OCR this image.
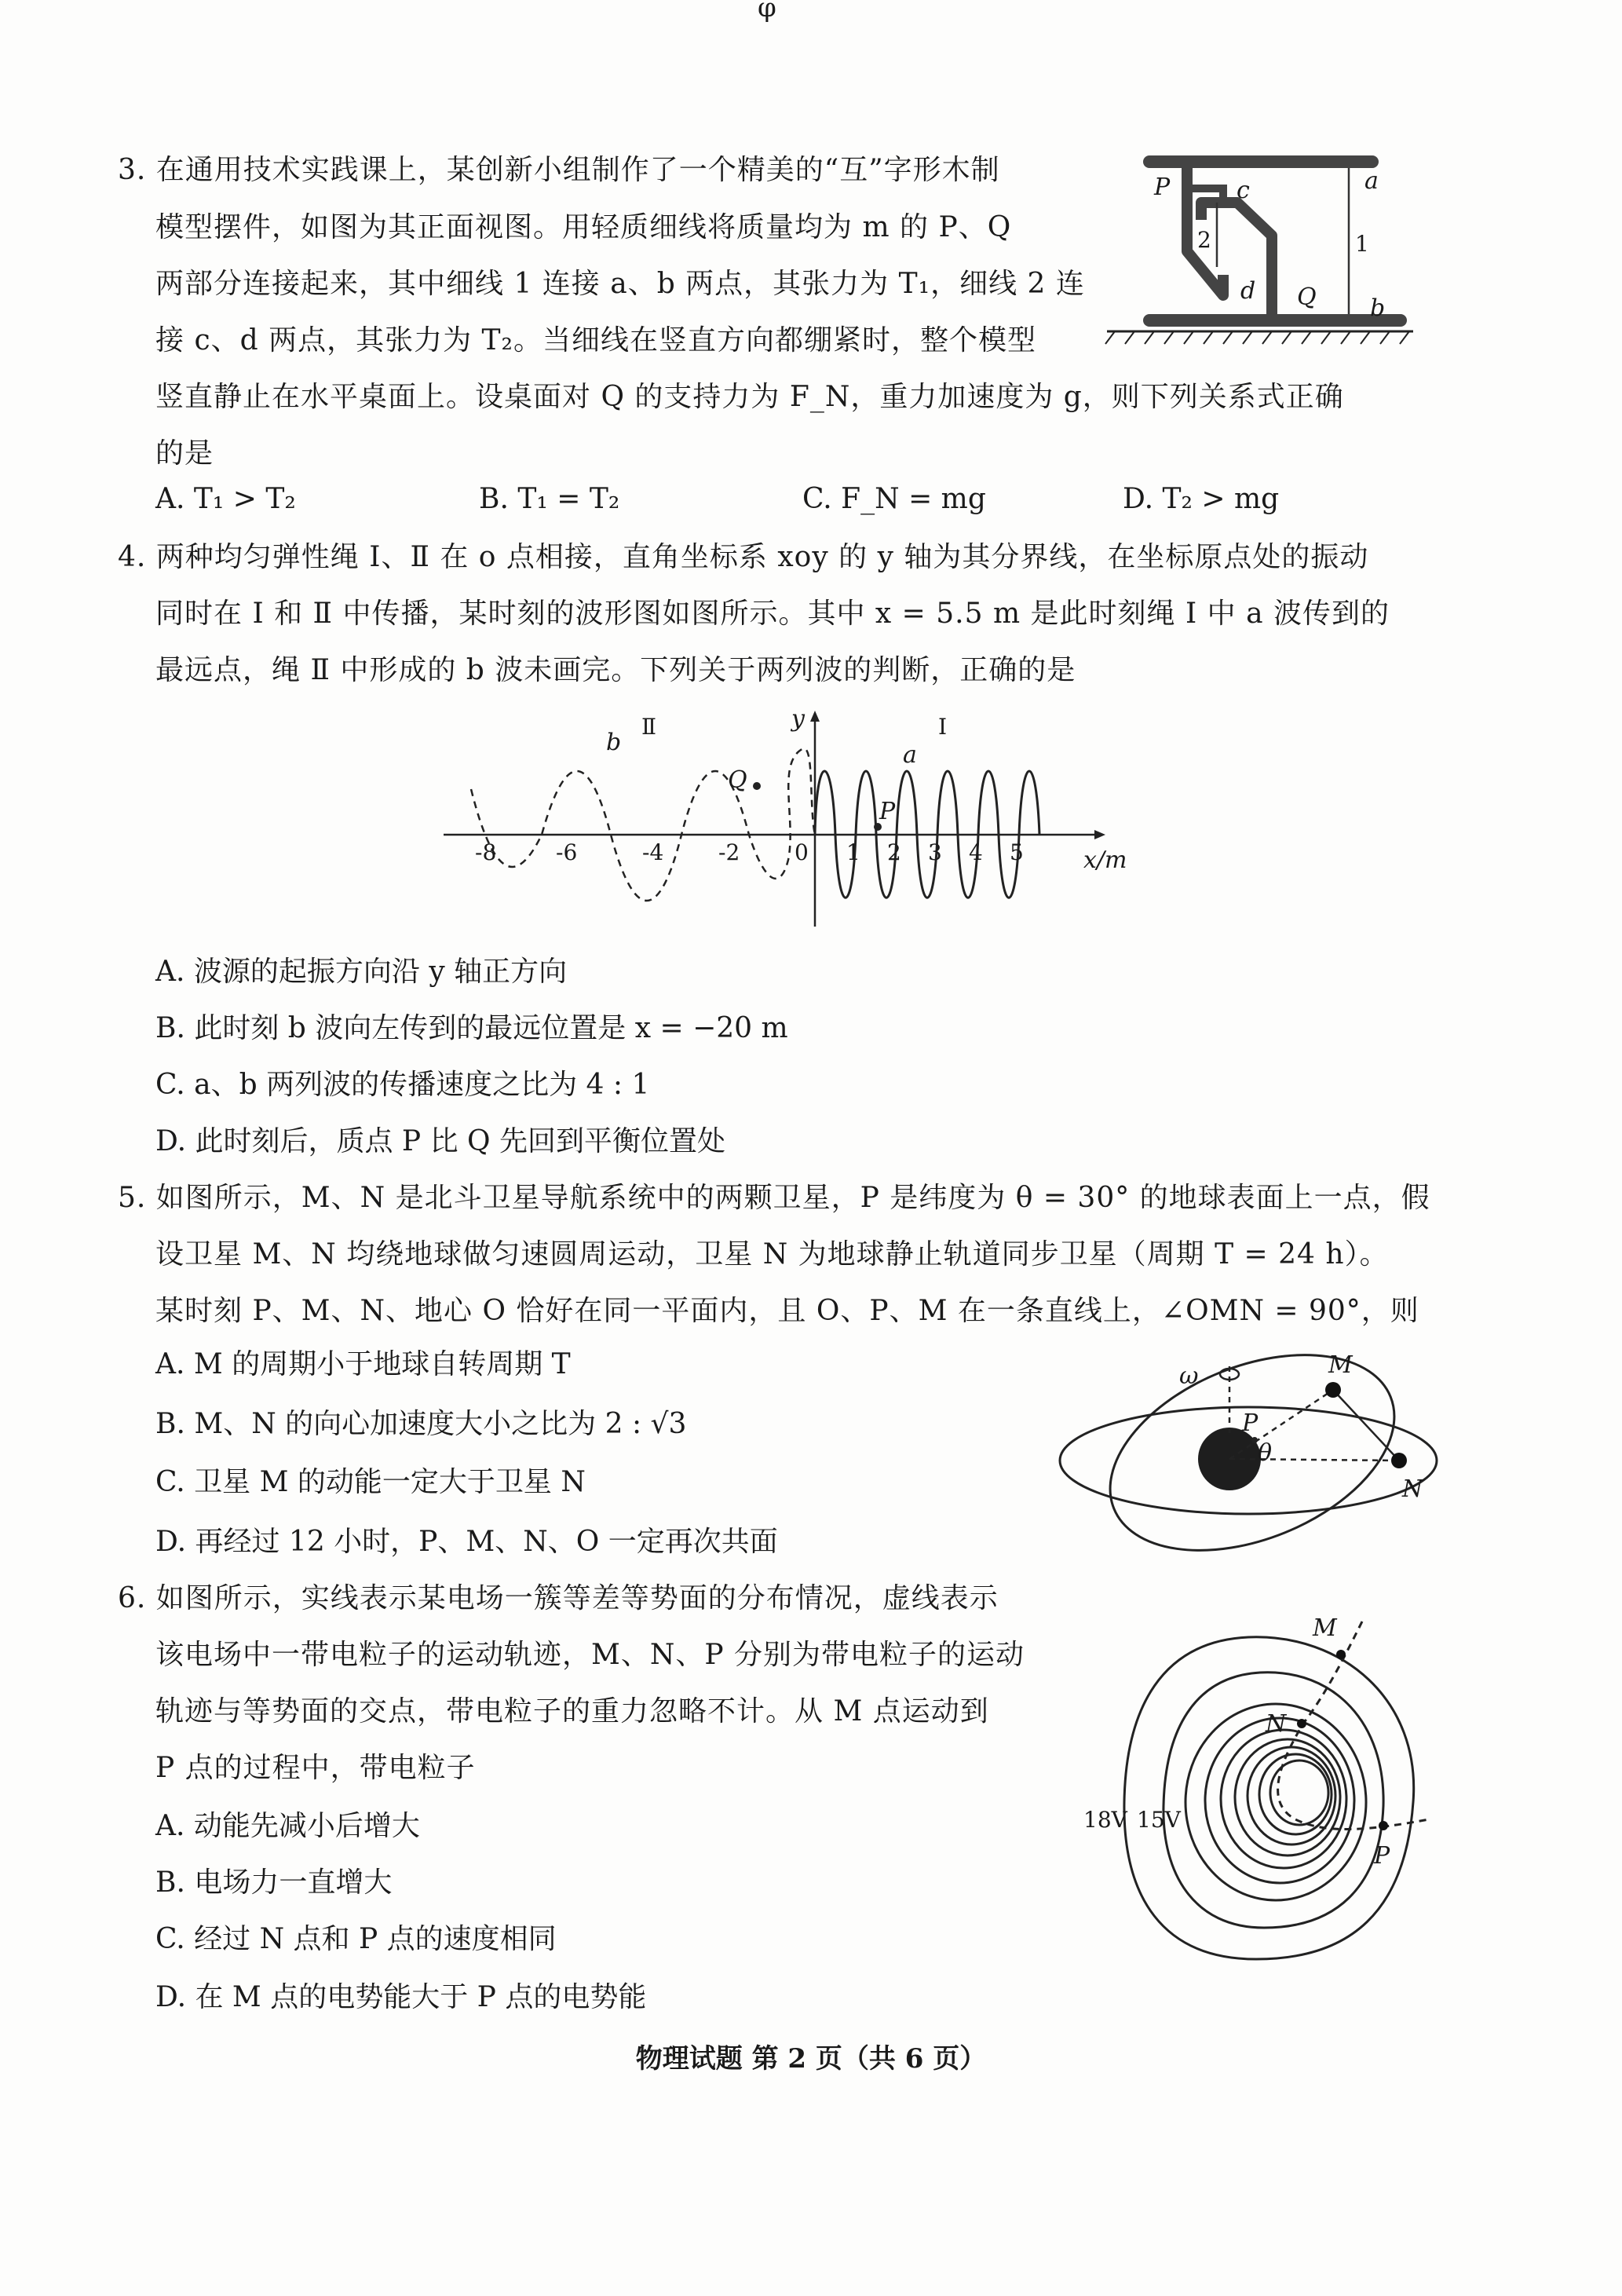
φ
3. 在通用技术实践课上，某创新小组制作了一个精美的“互”字形木制
模型摆件，如图为其正面视图。用轻质细线将质量均为 m 的 P、Q
两部分连接起来，其中细线 1 连接 a、b 两点，其张力为 T₁，细线 2 连
接 c、d 两点，其张力为 T₂。当细线在竖直方向都绷紧时，整个模型
竖直静止在水平桌面上。设桌面对 Q 的支持力为 F_N，重力加速度为 g，则下列关系式正确
的是
A. T₁ > T₂	B. T₁ = T₂	C. F_N = mg	D. T₂ > mg
P	a
b
c
d Q
1
2
4. 两种均匀弹性绳 Ⅰ、Ⅱ 在 o 点相接，直角坐标系 xoy 的 y 轴为其分界线，在坐标原点处的振动
同时在 Ⅰ 和 Ⅱ 中传播，某时刻的波形图如图所示。其中 x = 5.5 m 是此时刻绳 Ⅰ 中 a 波传到的
最远点，绳 Ⅱ 中形成的 b 波未画完。下列关于两列波的判断，正确的是
Ⅱ	Ⅰ
y
x/m
b	a
P
Q
0
-8	-6	-4 -2	1 2 3 4 5
A. 波源的起振方向沿 y 轴正方向
B. 此时刻 b 波向左传到的最远位置是 x = −20 m
C. a、b 两列波的传播速度之比为 4 : 1
D. 此时刻后，质点 P 比 Q 先回到平衡位置处
5. 如图所示，M、N 是北斗卫星导航系统中的两颗卫星，P 是纬度为 θ = 30° 的地球表面上一点，假
设卫星 M、N 均绕地球做匀速圆周运动，卫星 N 为地球静止轨道同步卫星（周期 T = 24 h）。
某时刻 P、M、N、地心 O 恰好在同一平面内，且 O、P、M 在一条直线上，∠OMN = 90°，则
A. M 的周期小于地球自转周期 T
B. M、N 的向心加速度大小之比为 2 : √3
C. 卫星 M 的动能一定大于卫星 N
D. 再经过 12 小时，P、M、N、O 一定再次共面
ω	M
N
P
θ
6. 如图所示，实线表示某电场一簇等差等势面的分布情况，虚线表示
该电场中一带电粒子的运动轨迹，M、N、P 分别为带电粒子的运动
轨迹与等势面的交点，带电粒子的重力忽略不计。从 M 点运动到
P 点的过程中，带电粒子
A. 动能先减小后增大
B. 电场力一直增大
C. 经过 N 点和 P 点的速度相同
D. 在 M 点的电势能大于 P 点的电势能
M
N
P
18V 15V
物理试题 第 2 页（共 6 页）
